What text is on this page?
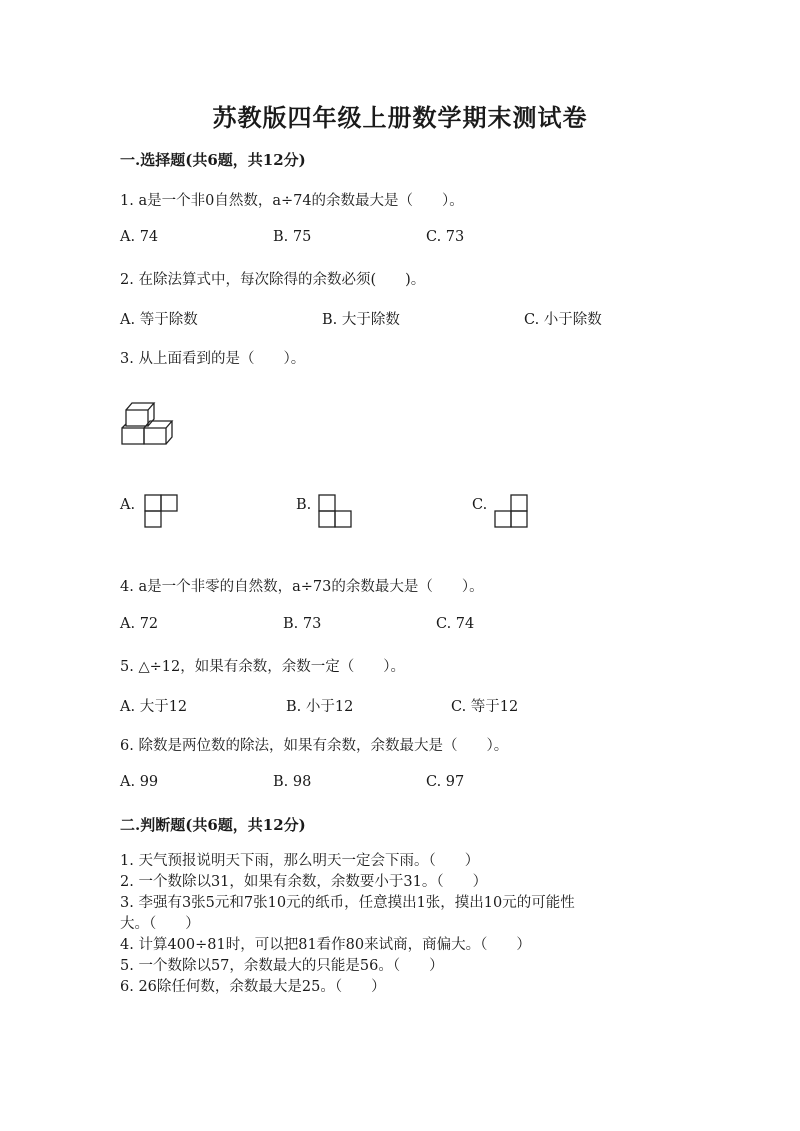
苏教版四年级上册数学期末测试卷
一.选择题(共6题，共12分)
1. a是一个非0自然数，a÷74的余数最大是（　　）。
A. 74	B. 75	C. 73
2. 在除法算式中，每次除得的余数必须(　　)。
A. 等于除数	B. 大于除数	C. 小于除数
3. 从上面看到的是（　　）。
A.	B.	C.
4. a是一个非零的自然数，a÷73的余数最大是（　　）。
A. 72	B. 73	C. 74
5. △÷12，如果有余数，余数一定（　　）。
A. 大于12	B. 小于12	C. 等于12
6. 除数是两位数的除法，如果有余数，余数最大是（　　）。
A. 99	B. 98	C. 97
二.判断题(共6题，共12分)
1. 天气预报说明天下雨，那么明天一定会下雨。（　　）
2. 一个数除以31，如果有余数，余数要小于31。（　　）
3. 李强有3张5元和7张10元的纸币，任意摸出1张，摸出10元的可能性
大。（　　）
4. 计算400÷81时，可以把81看作80来试商，商偏大。（　　）
5. 一个数除以57，余数最大的只能是56。（　　）
6. 26除任何数，余数最大是25。（　　）
